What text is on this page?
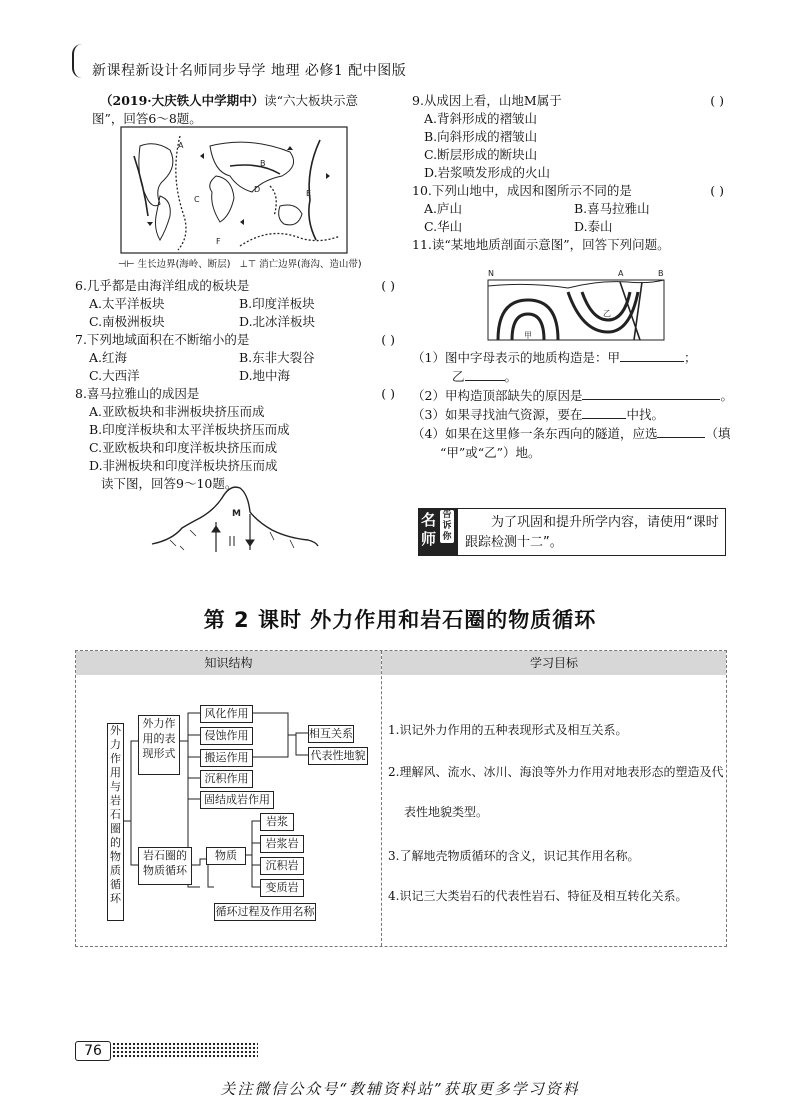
新课程新设计名师同步导学 地理 必修1 配中图版
（2019·大庆铁人中学期中）读“六大板块示意图”，回答6～8题。
A
B
C
D	E
F
⊣⊢ 生长边界(海岭、断层) ⊥⊤ 消亡边界(海沟、造山带)
6.几乎都是由海洋组成的板块是	( )
A.太平洋板块	B.印度洋板块
C.南极洲板块	D.北冰洋板块
7.下列地域面积在不断缩小的是	( )
A.红海	B.东非大裂谷
C.大西洋	D.地中海
8.喜马拉雅山的成因是	( )
A.亚欧板块和非洲板块挤压而成
B.印度洋板块和太平洋板块挤压而成
C.亚欧板块和印度洋板块挤压而成
D.非洲板块和印度洋板块挤压而成
读下图，回答9～10题。
M
9.从成因上看，山地M属于	( )
A.背斜形成的褶皱山
B.向斜形成的褶皱山
C.断层形成的断块山
D.岩浆喷发形成的火山
10.下列山地中，成因和图所示不同的是	( )
A.庐山	B.喜马拉雅山
C.华山	D.泰山
11.读“某地地质剖面示意图”，回答下列问题。
N	A	B
甲
乙
（1）图中字母表示的地质构造是：甲	；
乙	。
（2）甲构造顶部缺失的原因是	。
（3）如果寻找油气资源，要在	中找。
（4）如果在这里修一条东西向的隧道，应选	（填
“甲”或“乙”）地。
名师
告诉你
为了巩固和提升所学内容，请使用“课时跟踪检测十二”。
第 2 课时 外力作用和岩石圈的物质循环
知识结构	学习目标
外力作用与岩石圈的物质循环
外力作用的表现形式
风化作用
侵蚀作用
搬运作用
沉积作用
固结成岩作用
相互关系
代表性地貌
岩石圈的物质循环
物质
岩浆
岩浆岩
沉积岩
变质岩
循环过程及作用名称
1.识记外力作用的五种表现形式及相互关系。
2.理解风、流水、冰川、海浪等外力作用对地表形态的塑造及代
表性地貌类型。
3.了解地壳物质循环的含义，识记其作用名称。
4.识记三大类岩石的代表性岩石、特征及相互转化关系。
76
关注微信公众号“教辅资料站”获取更多学习资料
